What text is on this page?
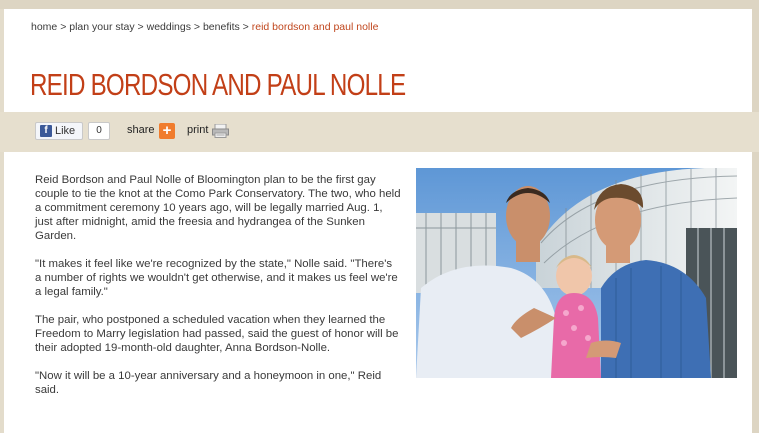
home > plan your stay > weddings > benefits > reid bordson and paul nolle
REID BORDSON AND PAUL NOLLE
f Like	0	share +	print

Reid Bordson and Paul Nolle of Bloomington plan to be the first gay couple to tie the knot at the Como Park Conservatory. The two, who held a commitment ceremony 10 years ago, will be legally married Aug. 1, just after midnight, amid the freesia and hydrangea of the Sunken Garden.

"It makes it feel like we're recognized by the state," Nolle said. "There's a number of rights we wouldn't get otherwise, and it makes us feel we're a legal family."

The pair, who postponed a scheduled vacation when they learned the Freedom to Marry legislation had passed, said the guest of honor will be their adopted 19-month-old daughter, Anna Bordson-Nolle.

"Now it will be a 10-year anniversary and a honeymoon in one," Reid said.
